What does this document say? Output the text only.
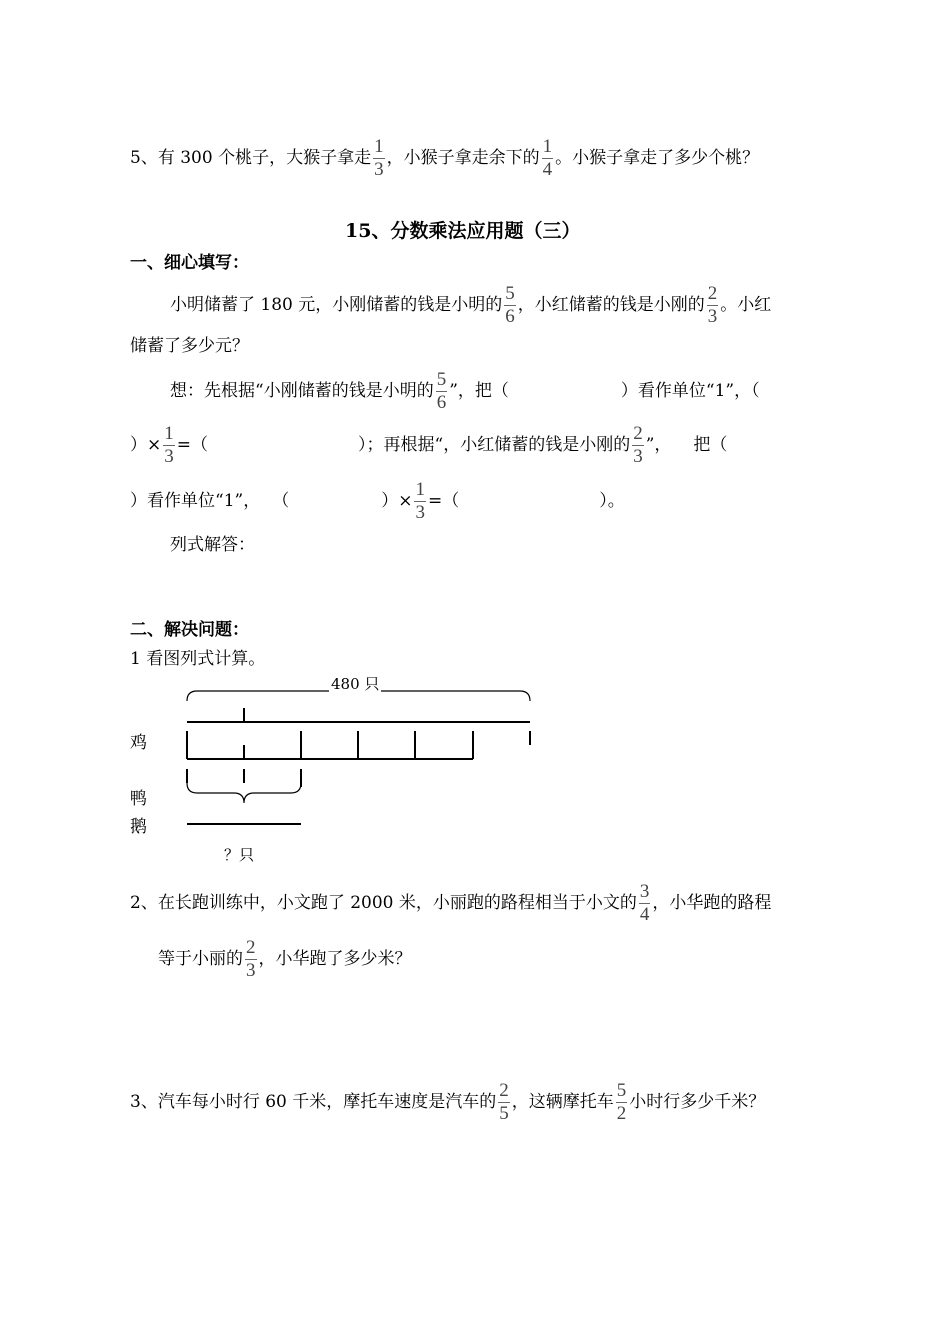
5、有 300 个桃子，大猴子拿走 $\frac{1}{3}$ ，小猴子拿走余下的 $\frac{1}{4}$ 。小猴子拿走了多少个桃？
15、分数乘法应用题（三）
一、细心填写：
小明储蓄了 180 元，小刚储蓄的钱是小明的 $\frac{5}{6}$ ，小红储蓄的钱是小刚的 $\frac{2}{3}$ 。小红
储蓄了多少元？
想：先根据“小刚储蓄的钱是小明的 $\frac{5}{6}$ ”，把（	）看作单位“1”，（
）× $\frac{1}{3}$ =（	）；再根据“，小红储蓄的钱是小刚的 $\frac{2}{3}$ ”， 把（
）看作单位“1”， （	）× $\frac{1}{3}$ =（	）。
列式解答：
二、解决问题：
1 看图列式计算。
480 只
鸡
鸭
鹅
？只
2、在长跑训练中，小文跑了 2000 米，小丽跑的路程相当于小文的 $\frac{3}{4}$ ，小华跑的路程
等于小丽的 $\frac{2}{3}$ ，小华跑了多少米？
3、汽车每小时行 60 千米，摩托车速度是汽车的 $\frac{2}{5}$ ，这辆摩托车 $\frac{5}{2}$ 小时行多少千米？
